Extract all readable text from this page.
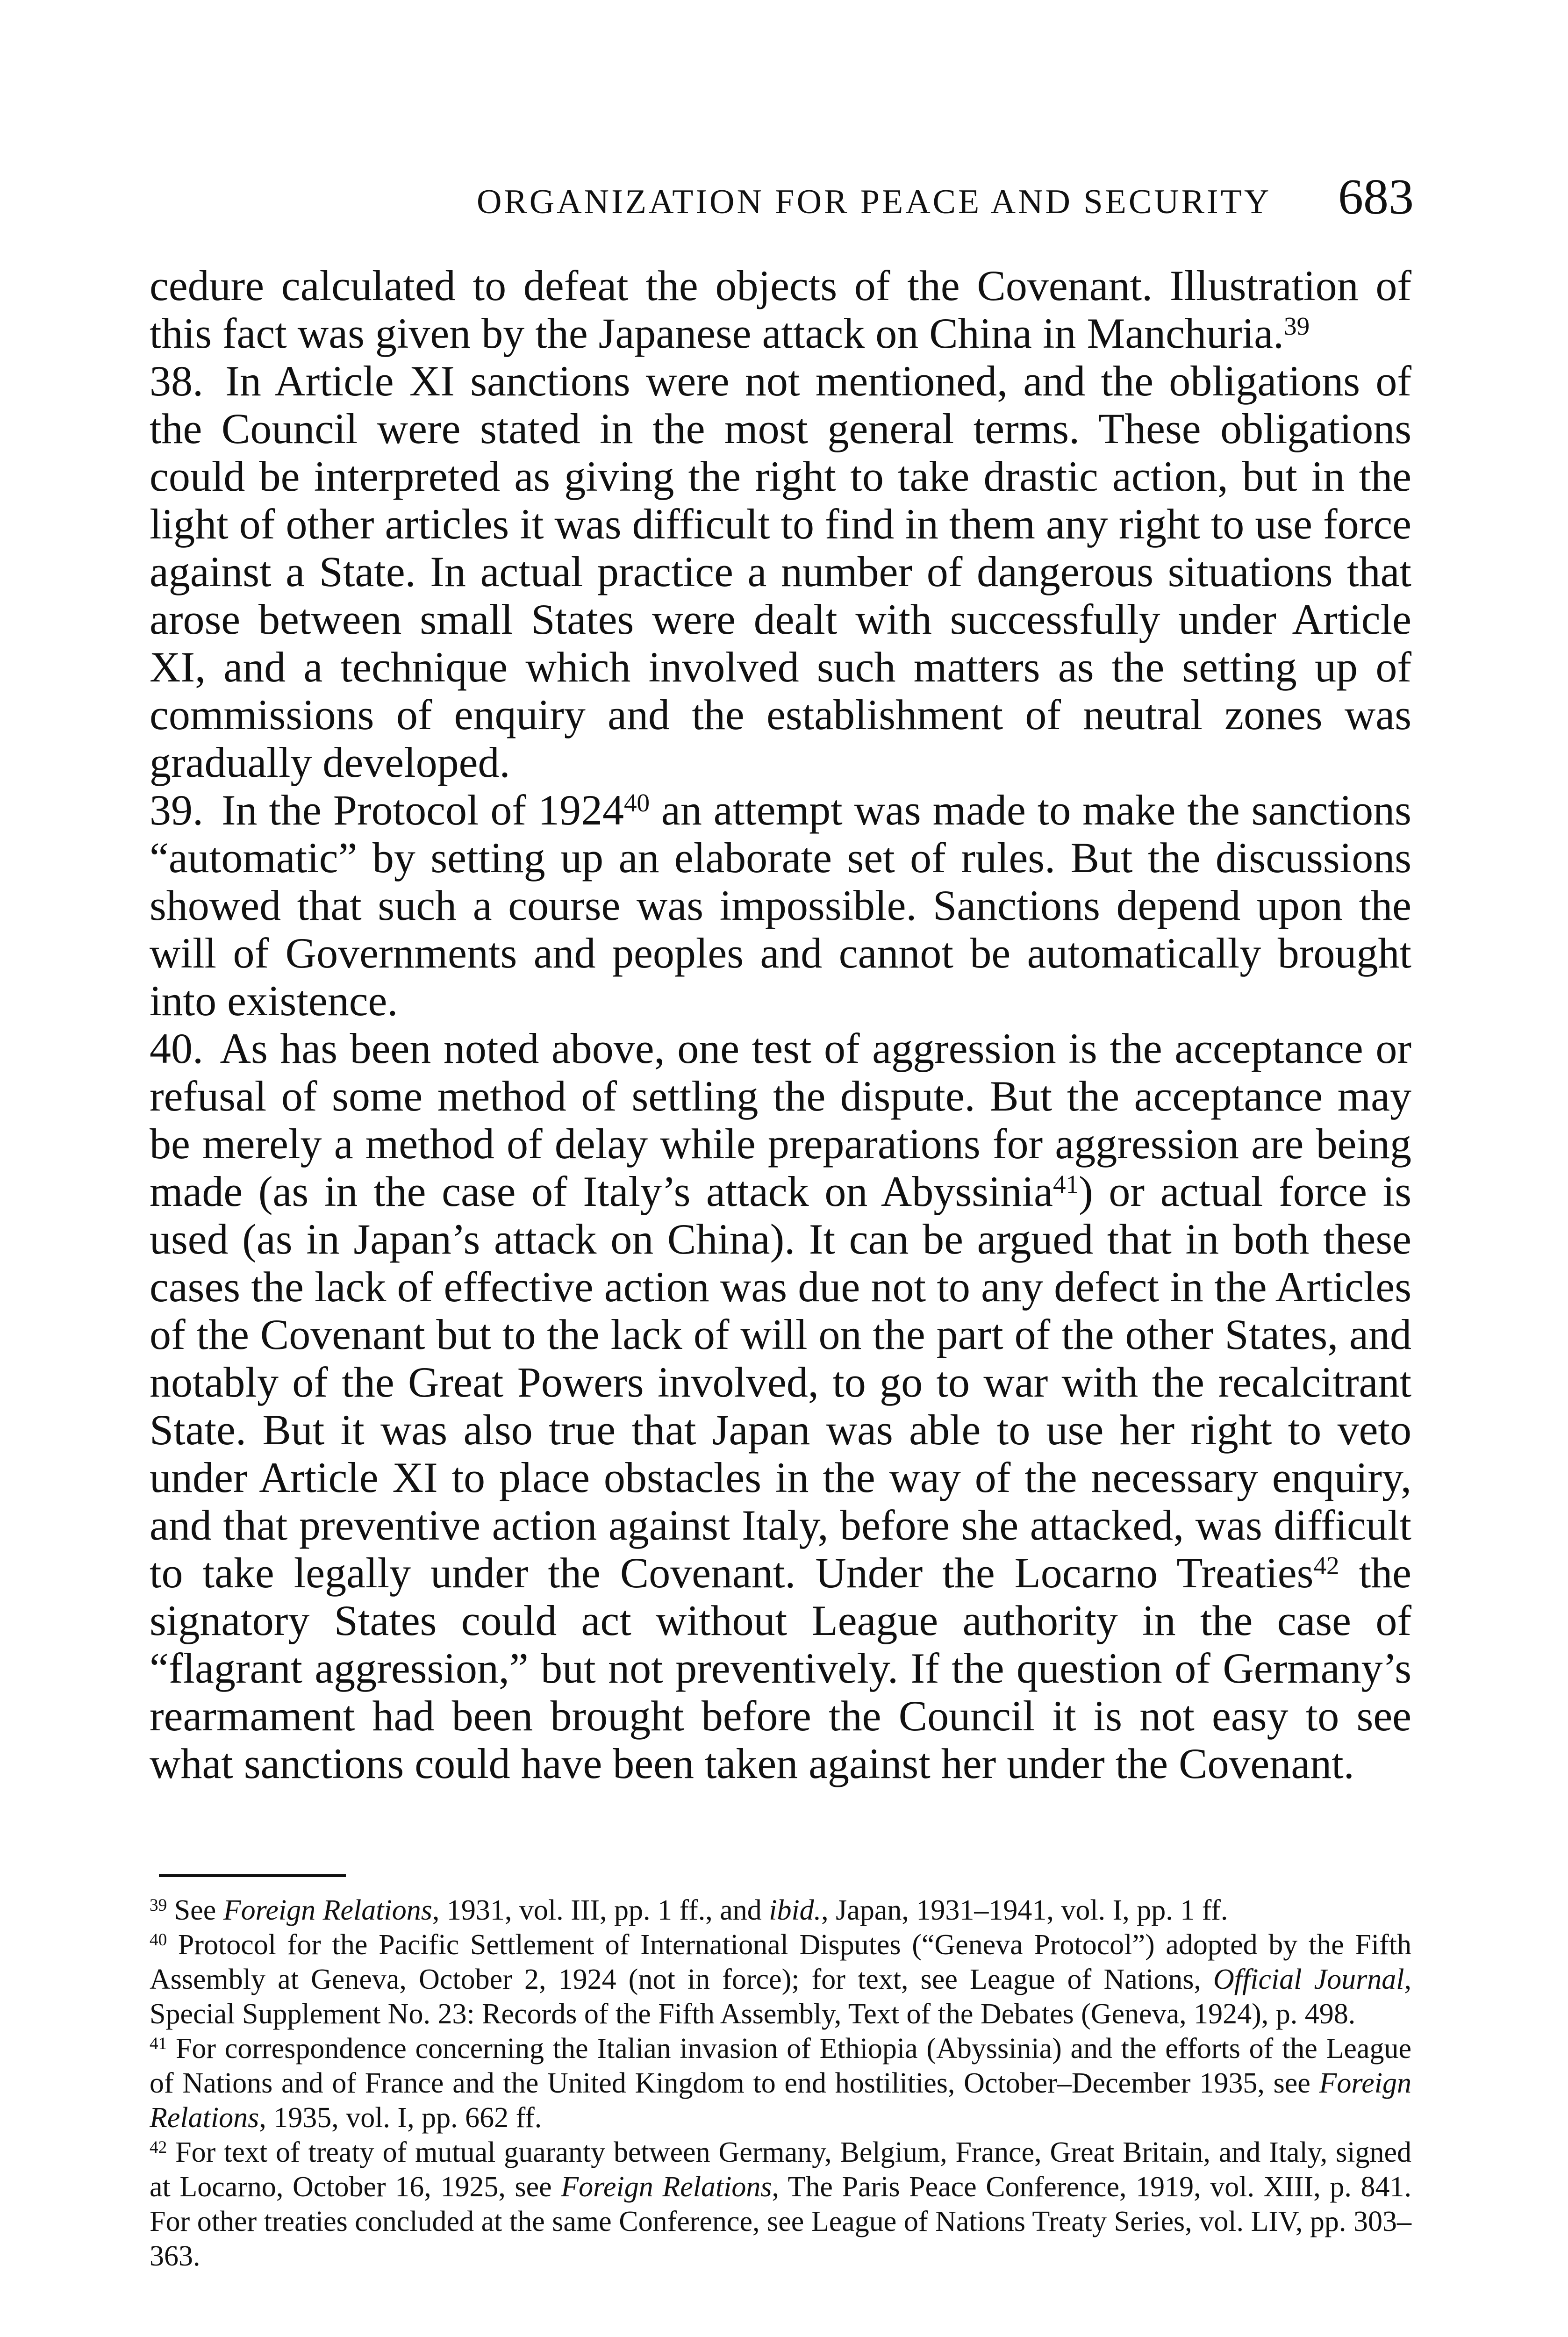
ORGANIZATION FOR PEACE AND SECURITY 683

cedure calculated to defeat the objects of the Covenant. Illustration of this fact was given by the Japanese attack on China in Manchuria.$^{39}$

38. In Article XI sanctions were not mentioned, and the obligations of the Council were stated in the most general terms. These obligations could be interpreted as giving the right to take drastic action, but in the light of other articles it was difficult to find in them any right to use force against a State. In actual practice a number of dangerous situations that arose between small States were dealt with successfully under Article XI, and a technique which involved such matters as the setting up of commissions of enquiry and the establishment of neutral zones was gradually developed.

39. In the Protocol of 1924$^{40}$ an attempt was made to make the sanctions “automatic” by setting up an elaborate set of rules. But the discussions showed that such a course was impossible. Sanctions depend upon the will of Governments and peoples and cannot be automatically brought into existence.

40. As has been noted above, one test of aggression is the acceptance or refusal of some method of settling the dispute. But the acceptance may be merely a method of delay while preparations for aggression are being made (as in the case of Italy’s attack on Abyssinia$^{41}$) or actual force is used (as in Japan’s attack on China). It can be argued that in both these cases the lack of effective action was due not to any defect in the Articles of the Covenant but to the lack of will on the part of the other States, and notably of the Great Powers involved, to go to war with the recalcitrant State. But it was also true that Japan was able to use her right to veto under Article XI to place obstacles in the way of the necessary enquiry, and that preventive action against Italy, before she attacked, was difficult to take legally under the Covenant. Under the Locarno Treaties$^{42}$ the signatory States could act without League authority in the case of “flagrant aggression,” but not preventively. If the question of Germany’s rearmament had been brought before the Council it is not easy to see what sanctions could have been taken against her under the Covenant.

$^{39}$ See Foreign Relations, 1931, vol. III, pp. 1 ff., and ibid., Japan, 1931–1941, vol. I, pp. 1 ff.

$^{40}$ Protocol for the Pacific Settlement of International Disputes (“Geneva Protocol”) adopted by the Fifth Assembly at Geneva, October 2, 1924 (not in force); for text, see League of Nations, Official Journal, Special Supplement No. 23: Records of the Fifth Assembly, Text of the Debates (Geneva, 1924), p. 498.

$^{41}$ For correspondence concerning the Italian invasion of Ethiopia (Abyssinia) and the efforts of the League of Nations and of France and the United Kingdom to end hostilities, October–December 1935, see Foreign Relations, 1935, vol. I, pp. 662 ff.

$^{42}$ For text of treaty of mutual guaranty between Germany, Belgium, France, Great Britain, and Italy, signed at Locarno, October 16, 1925, see Foreign Relations, The Paris Peace Conference, 1919, vol. XIII, p. 841. For other treaties concluded at the same Conference, see League of Nations Treaty Series, vol. LIV, pp. 303–363.
